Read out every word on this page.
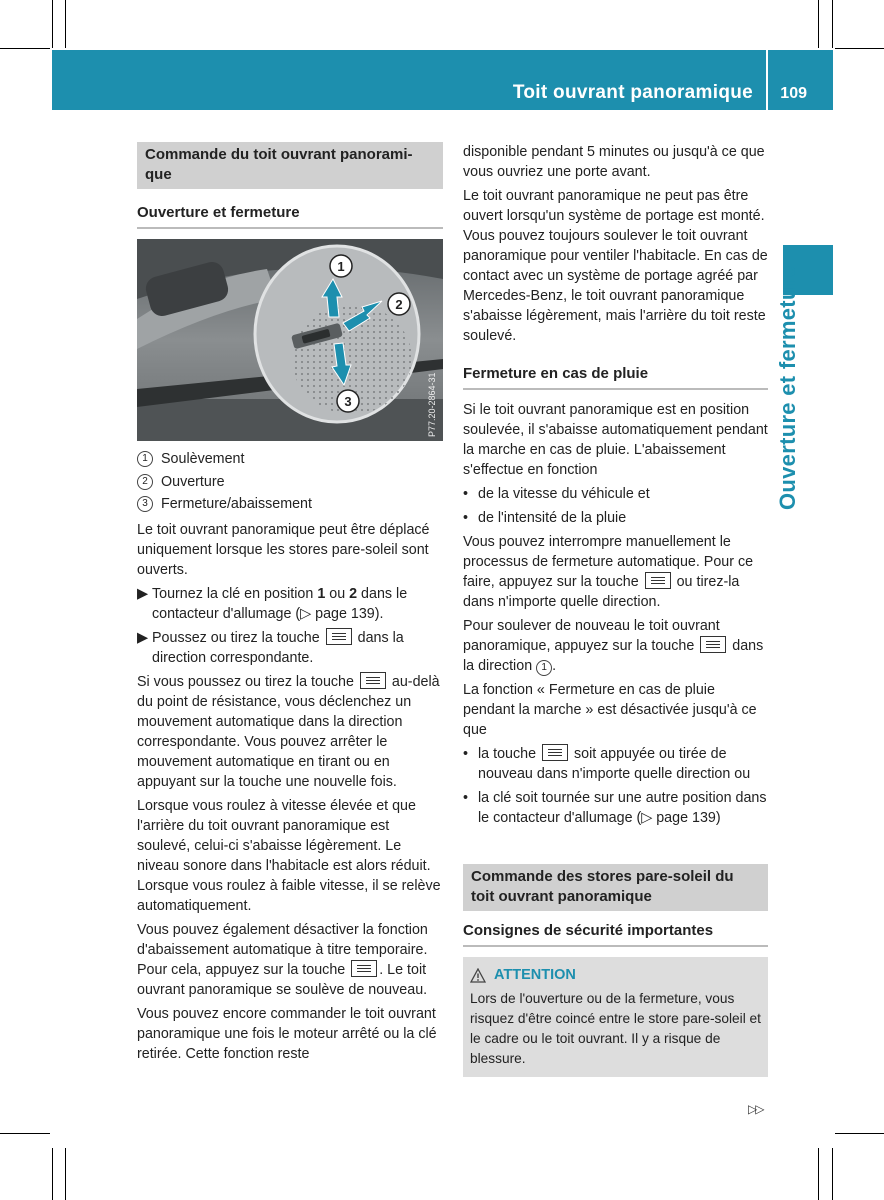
Toit ouvrant panoramique 109
Ouverture et fermeture
Commande du toit ouvrant panorami-que
Ouverture et fermeture
1
2
3	P77.20-2864-31
1 Soulèvement
2 Ouverture
3 Fermeture/abaissement

Le toit ouvrant panoramique peut être déplacé uniquement lorsque les stores pare-soleil sont ouverts.

▶ Tournez la clé en position 1 ou 2 dans le contacteur d'allumage (▷ page 139).
▶ Poussez ou tirez la touche
dans la direction correspondante.

Si vous poussez ou tirez la touche
au-delà du point de résistance, vous déclenchez un mouvement automatique dans la direction correspondante. Vous pouvez arrêter le mouvement automatique en tirant ou en appuyant sur la touche une nouvelle fois.

Lorsque vous roulez à vitesse élevée et que l'arrière du toit ouvrant panoramique est soulevé, celui-ci s'abaisse légèrement. Le niveau sonore dans l'habitacle est alors réduit. Lorsque vous roulez à faible vitesse, il se relève automatiquement.

Vous pouvez également désactiver la fonction d'abaissement automatique à titre temporaire. Pour cela, appuyez sur la touche
. Le toit ouvrant panoramique se soulève de nouveau.

Vous pouvez encore commander le toit ouvrant panoramique une fois le moteur arrêté ou la clé retirée. Cette fonction reste

disponible pendant 5 minutes ou jusqu'à ce que vous ouvriez une porte avant.

Le toit ouvrant panoramique ne peut pas être ouvert lorsqu'un système de portage est monté. Vous pouvez toujours soulever le toit ouvrant panoramique pour ventiler l'habitacle. En cas de contact avec un système de portage agréé par Mercedes-Benz, le toit ouvrant panoramique s'abaisse légèrement, mais l'arrière du toit reste soulevé.

Fermeture en cas de pluie

Si le toit ouvrant panoramique est en position soulevée, il s'abaisse automatiquement pendant la marche en cas de pluie. L'abaissement s'effectue en fonction

• de la vitesse du véhicule et
• de l'intensité de la pluie

Vous pouvez interrompre manuellement le processus de fermeture automatique. Pour ce faire, appuyez sur la touche
ou tirez-la dans n'importe quelle direction.

Pour soulever de nouveau le toit ouvrant panoramique, appuyez sur la touche
dans la direction 1 .

La fonction « Fermeture en cas de pluie pendant la marche » est désactivée jusqu'à ce que

• la touche
soit appuyée ou tirée de nouveau dans n'importe quelle direction ou
• la clé soit tournée sur une autre position dans le contacteur d'allumage (▷ page 139)
Commande des stores pare-soleil du toit ouvrant panoramique
Consignes de sécurité importantes
ATTENTION
Lors de l'ouverture ou de la fermeture, vous risquez d'être coincé entre le store pare-soleil et le cadre ou le toit ouvrant. Il y a risque de blessure.
▷▷
